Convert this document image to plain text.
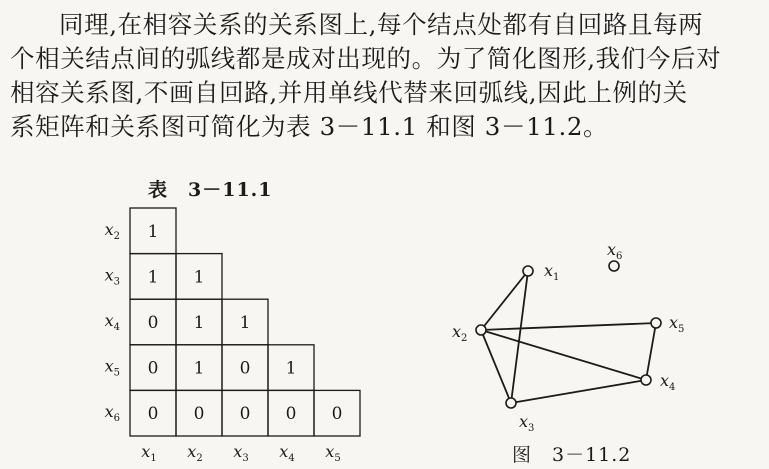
同理,在相容关系的关系图上,每个结点处都有自回路且每两
个相关结点间的弧线都是成对出现的。为了简化图形,我们今后对
相容关系图,不画自回路,并用单线代替来回弧线,因此上例的关
系矩阵和关系图可简化为表 3－11.1 和图 3－11.2。

表　3－11.1
图　3－11.2
1
1 1
0 1 1
0 1 0 1
0 0 0 0 0
$x_2$
$x_3$
$x_4$
$x_5$
$x_6$
$x_1$ $x_2$ $x_3$ $x_4$ $x_5$
$x_1$
$x_2$
$x_3$
$x_4$
$x_5$
$x_6$
